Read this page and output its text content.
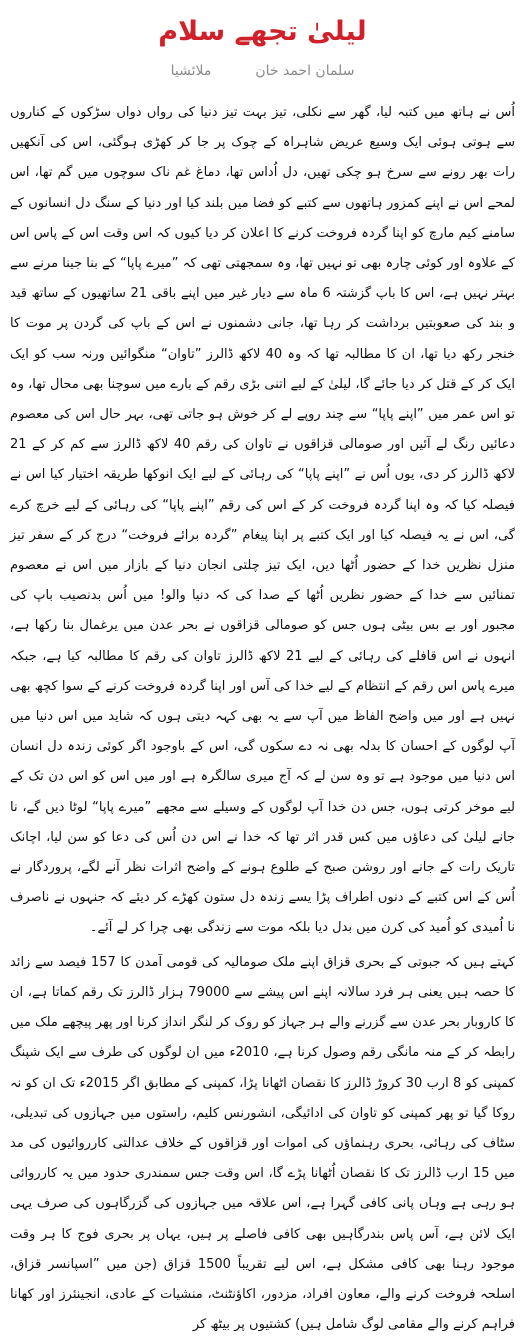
لیلیٰ تجھے سلام
سلمان احمد خان
ملائشیا

اُس نے ہاتھ میں کتبہ لیا، گھر سے نکلی، تیز بہت تیز دنیا کی رواں دواں سڑکوں کے کناروں سے ہوتی ہوئی ایک وسیع عریض شاہراہ کے چوک پر جا کر کھڑی ہوگئی، اس کی آنکھیں رات بھر رونے سے سرخ ہو چکی تھیں، دل اُداس تھا، دماغ غم ناک سوچوں میں گم تھا، اس لمحے اس نے اپنے کمزور ہاتھوں سے کتبے کو فضا میں بلند کیا اور دنیا کے سنگ دل انسانوں کے سامنے کیم مارچ کو اپنا گردہ فروخت کرنے کا اعلان کر دیا کیوں کہ اس وقت اس کے پاس اس کے علاوہ اور کوئی چارہ بھی تو نہیں تھا، وہ سمجھتی تھی کہ ”میرے پاپا“ کے بنا جینا مرنے سے بہتر نہیں ہے، اس کا باپ گزشتہ 6 ماہ سے دیار غیر میں اپنے باقی 21 ساتھیوں کے ساتھ قید و بند کی صعوبتیں برداشت کر رہا تھا، جانی دشمنوں نے اس کے باپ کی گردن پر موت کا خنجر رکھ دیا تھا، ان کا مطالبہ تھا کہ وہ 40 لاکھ ڈالرز ”تاوان“ منگوائیں ورنہ سب کو ایک ایک کر کے قتل کر دیا جائے گا، لیلیٰ کے لیے اتنی بڑی رقم کے بارے میں سوچنا بھی محال تھا، وہ تو اس عمر میں ”اپنے پاپا“ سے چند روپے لے کر خوش ہو جاتی تھی، بہر حال اس کی معصوم دعائیں رنگ لے آئیں اور صومالی قزاقوں نے تاوان کی رقم 40 لاکھ ڈالرز سے کم کر کے 21 لاکھ ڈالرز کر دی، یوں اُس نے ”اپنے پاپا“ کی رہائی کے لیے ایک انوکھا طریقہ اختیار کیا اس نے فیصلہ کیا کہ وہ اپنا گردہ فروخت کر کے اس کی رقم ”اپنے پاپا“ کی رہائی کے لیے خرچ کرے گی، اس نے یہ فیصلہ کیا اور ایک کتبے پر اپنا پیغام ”گردہ برائے فروخت“ درج کر کے سفر تیز منزل نظریں خدا کے حضور اُٹھا دیں، ایک تیز چلتی انجان دنیا کے بازار میں اس نے معصوم تمنائیں سے خدا کے حضور نظریں اُٹھا کے صدا کی کہ دنیا والو! میں اُس بدنصیب باپ کی مجبور اور بے بس بیٹی ہوں جس کو صومالی قزاقوں نے بحر عدن میں یرغمال بنا رکھا ہے، انہوں نے اس قافلے کی رہائی کے لیے 21 لاکھ ڈالرز تاوان کی رقم کا مطالبہ کیا ہے، جبکہ میرے پاس اس رقم کے انتظام کے لیے خدا کی آس اور اپنا گردہ فروخت کرنے کے سوا کچھ بھی نہیں ہے اور میں واضح الفاظ میں آپ سے یہ بھی کہہ دیتی ہوں کہ شاید میں اس دنیا میں آپ لوگوں کے احسان کا بدلہ بھی نہ دے سکوں گی، اس کے باوجود اگر کوئی زندہ دل انسان اس دنیا میں موجود ہے تو وہ سن لے کہ آج میری سالگرہ ہے اور میں اس کو اس دن تک کے لیے موخر کرتی ہوں، جس دن خدا آپ لوگوں کے وسیلے سے مجھے ”میرے پاپا“ لوٹا دیں گے، نا جانے لیلیٰ کی دعاؤں میں کس قدر اثر تھا کہ خدا نے اس دن اُس کی دعا کو سن لیا، اچانک تاریک رات کے جانے اور روشن صبح کے طلوع ہونے کے واضح اثرات نظر آنے لگے، پروردگار نے اُس کے اس کتبے کے دنوں اطراف پڑا یسے زندہ دل ستون کھڑے کر دیئے کہ جنہوں نے ناصرف نا اُمیدی کو اُمید کی کرن میں بدل دیا بلکہ موت سے زندگی بھی چرا کر لے آئے۔

کہتے ہیں کہ جبوتی کے بحری قزاق اپنے ملک صومالیہ کی قومی آمدن کا 157 فیصد سے زائد کا حصہ ہیں یعنی ہر فرد سالانہ اپنے اس پیشے سے 79000 ہزار ڈالرز تک رقم کماتا ہے، ان کا کاروبار بحر عدن سے گزرنے والے ہر جہاز کو روک کر لنگر انداز کرنا اور پھر پیچھے ملک میں رابطہ کر کے منہ مانگی رقم وصول کرنا ہے، 2010ء میں ان لوگوں کی طرف سے ایک شپنگ کمپنی کو 8 ارب 30 کروڑ ڈالرز کا نقصان اٹھانا پڑا، کمپنی کے مطابق اگر 2015ء تک ان کو نہ روکا گیا تو پھر کمپنی کو تاوان کی ادائیگی، انشورنس کلیم، راستوں میں جہازوں کی تبدیلی، سٹاف کی رہائی، بحری رہنماؤں کی اموات اور قزاقوں کے خلاف عدالتی کارروائیوں کی مد میں 15 ارب ڈالرز تک کا نقصان اُٹھانا پڑے گا، اس وقت جس سمندری حدود میں یہ کارروائی ہو رہی ہے وہاں پانی کافی گہرا ہے، اس علاقہ میں جہازوں کی گزرگاہوں کی صرف یہی ایک لائن ہے، آس پاس بندرگاہیں بھی کافی فاصلے پر ہیں، یہاں پر بحری فوج کا ہر وقت موجود رہنا بھی کافی مشکل ہے، اس لیے تقریباً 1500 قزاق (جن میں ”اسپانسر قزاق، اسلحہ فروخت کرنے والے، معاون افراد، مزدور، اکاؤنٹنٹ، منشیات کے عادی، انجینئرز اور کھانا فراہم کرنے والے مقامی لوگ شامل ہیں) کشتیوں پر بیٹھ کر
